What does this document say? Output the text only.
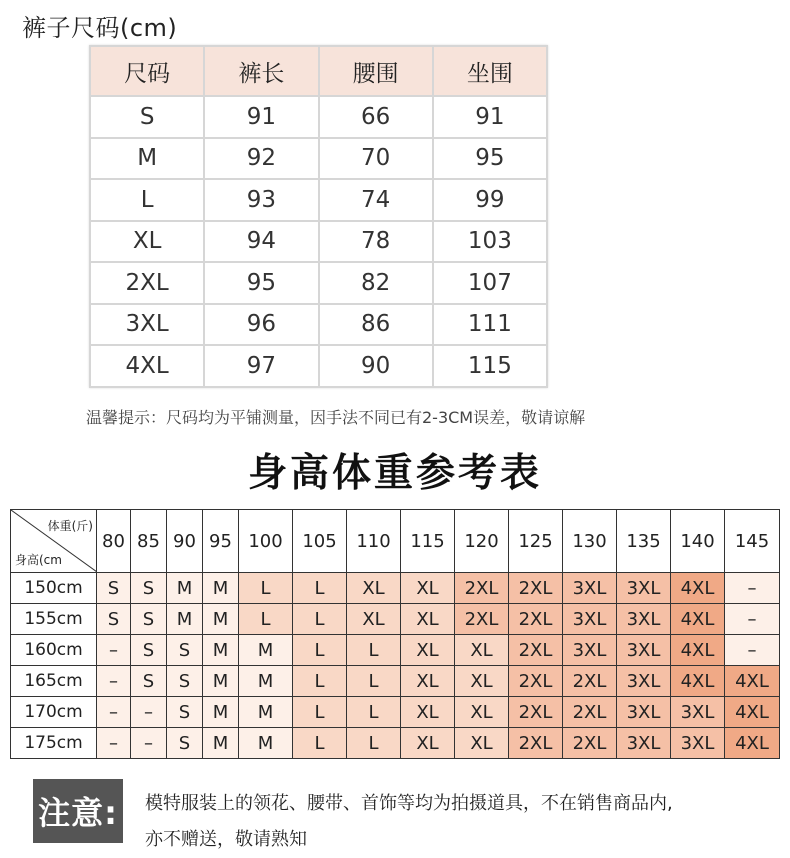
裤子尺码(cm)
尺码	裤长	腰围	坐围
S	91	66	91
M	92	70	95
L	93	74	99
XL	94	78	103
2XL	95	82	107
3XL	96	86	111
4XL	97	90	115
温馨提示：尺码均为平铺测量，因手法不同已有2-3CM误差，敬请谅解
身高体重参考表
体重(斤)
身高(cm	80	85	90	95	100	105	110	115	120	125	130	135	140	145
150cm	S	S	M	M	L	L	XL	XL	2XL	2XL	3XL	3XL	4XL	–
155cm	S	S	M	M	L	L	XL	XL	2XL	2XL	3XL	3XL	4XL	–
160cm	–	S	S	M	M	L	L	XL	XL	2XL	3XL	3XL	4XL	–
165cm	–	S	S	M	M	L	L	XL	XL	2XL	2XL	3XL	4XL	4XL
170cm	–	–	S	M	M	L	L	XL	XL	2XL	2XL	3XL	3XL	4XL
175cm	–	–	S	M	M	L	L	XL	XL	2XL	2XL	3XL	3XL	4XL
注意: 模特服装上的领花、腰带、首饰等均为拍摄道具，不在销售商品内,
亦不赠送，敬请熟知
